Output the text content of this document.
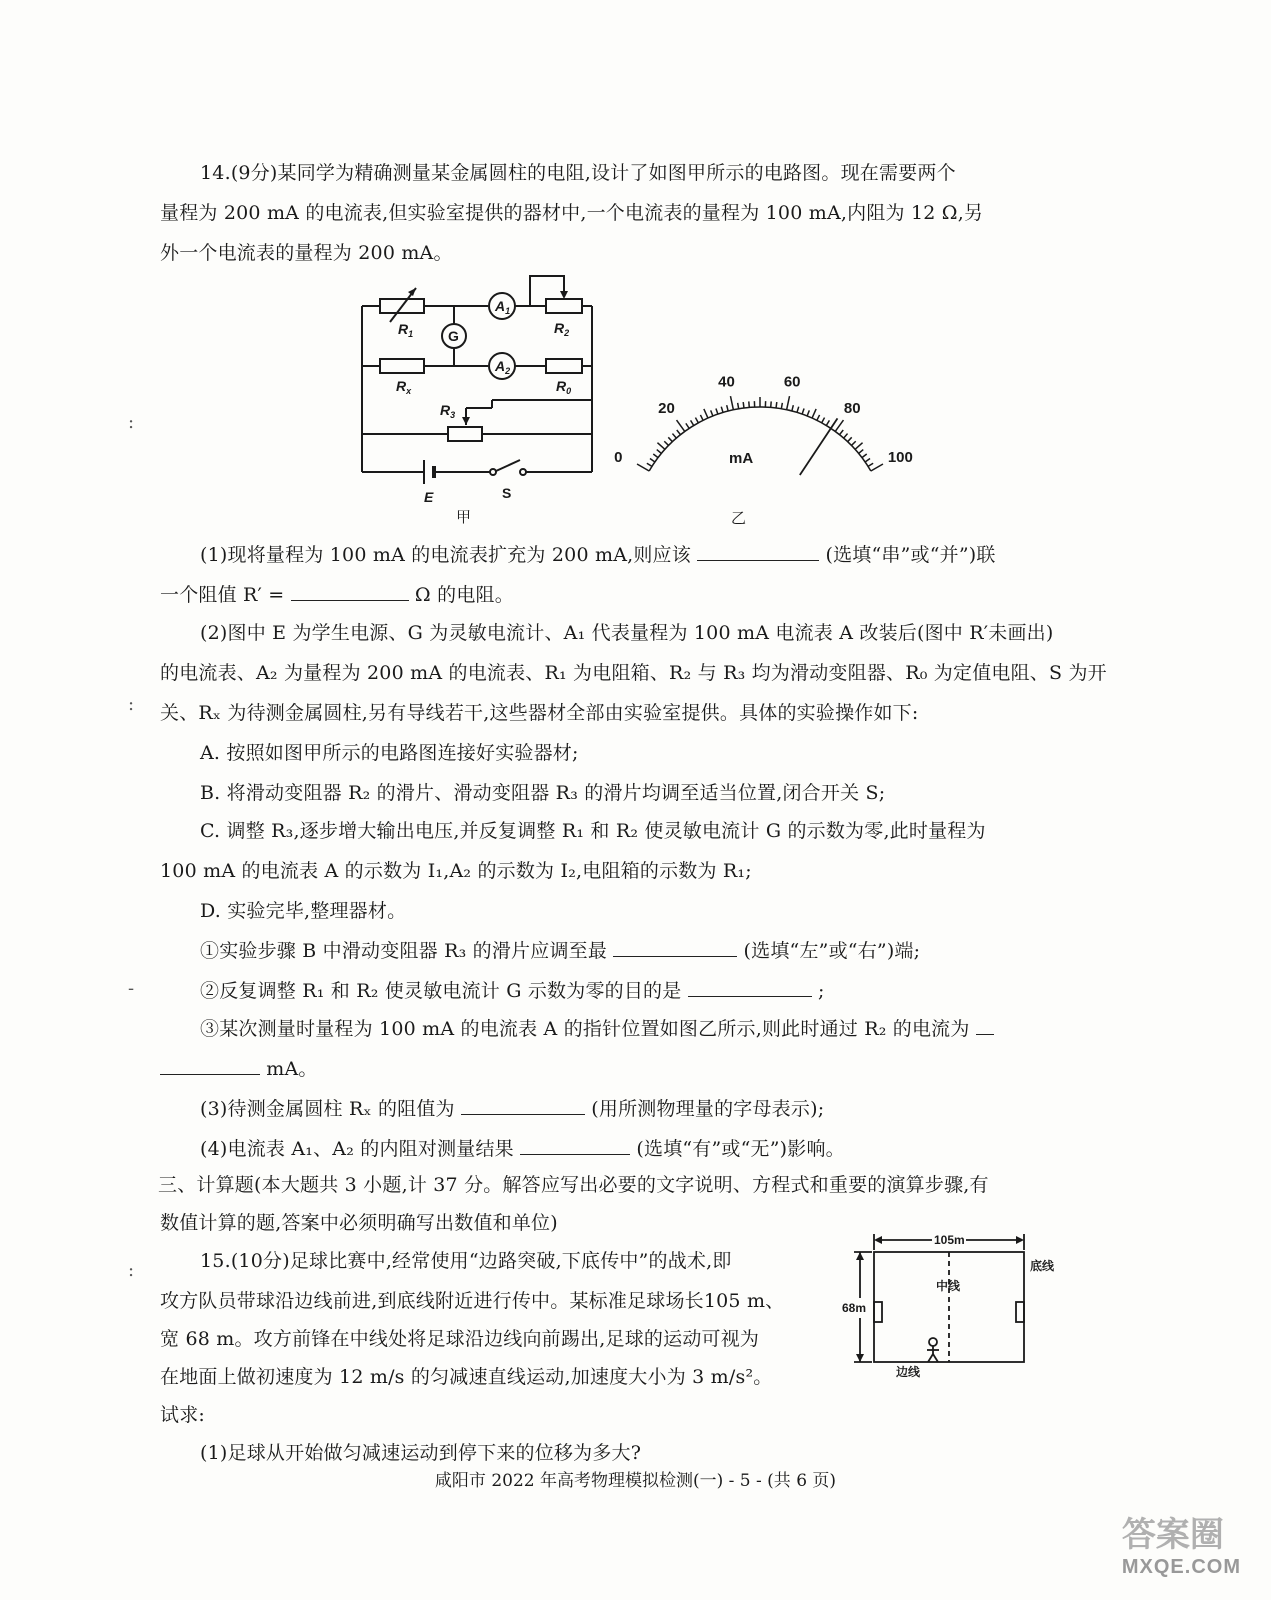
14.(9分)某同学为精确测量某金属圆柱的电阻,设计了如图甲所示的电路图。现在需要两个
量程为 200 mA 的电流表,但实验室提供的器材中,一个电流表的量程为 100 mA,内阻为 12 Ω,另
外一个电流表的量程为 200 mA。
:
:
-
:
$A_1$
$A_2$
G
$R_1$	$R_2$
$R_x$	$R_0$
$R_3$
E	S
甲
0
20
40	60
80
100
mA
乙
(1)现将量程为 100 mA 的电流表扩充为 200 mA,则应该	(选填“串”或“并”)联
一个阻值 R′ =	Ω 的电阻。
(2)图中 E 为学生电源、G 为灵敏电流计、A₁ 代表量程为 100 mA 电流表 A 改装后(图中 R′未画出)
的电流表、A₂ 为量程为 200 mA 的电流表、R₁ 为电阻箱、R₂ 与 R₃ 均为滑动变阻器、R₀ 为定值电阻、S 为开
关、Rₓ 为待测金属圆柱,另有导线若干,这些器材全部由实验室提供。具体的实验操作如下:
A. 按照如图甲所示的电路图连接好实验器材;
B. 将滑动变阻器 R₂ 的滑片、滑动变阻器 R₃ 的滑片均调至适当位置,闭合开关 S;
C. 调整 R₃,逐步增大输出电压,并反复调整 R₁ 和 R₂ 使灵敏电流计 G 的示数为零,此时量程为
100 mA 的电流表 A 的示数为 I₁,A₂ 的示数为 I₂,电阻箱的示数为 R₁;
D. 实验完毕,整理器材。
①实验步骤 B 中滑动变阻器 R₃ 的滑片应调至最	(选填“左”或“右”)端;
②反复调整 R₁ 和 R₂ 使灵敏电流计 G 示数为零的目的是	;
③某次测量时量程为 100 mA 的电流表 A 的指针位置如图乙所示,则此时通过 R₂ 的电流为
mA。
(3)待测金属圆柱 Rₓ 的阻值为	(用所测物理量的字母表示);
(4)电流表 A₁、A₂ 的内阻对测量结果	(选填“有”或“无”)影响。
三、计算题(本大题共 3 小题,计 37 分。解答应写出必要的文字说明、方程式和重要的演算步骤,有
数值计算的题,答案中必须明确写出数值和单位)
15.(10分)足球比赛中,经常使用“边路突破,下底传中”的战术,即
攻方队员带球沿边线前进,到底线附近进行传中。某标准足球场长105 m、
宽 68 m。攻方前锋在中线处将足球沿边线向前踢出,足球的运动可视为
在地面上做初速度为 12 m/s 的匀减速直线运动,加速度大小为 3 m/s²。
试求:
(1)足球从开始做匀减速运动到停下来的位移为多大?
105m
68m
中线
底线
边线
咸阳市 2022 年高考物理模拟检测(一) - 5 - (共 6 页)
答案圈
MXQE.COM
